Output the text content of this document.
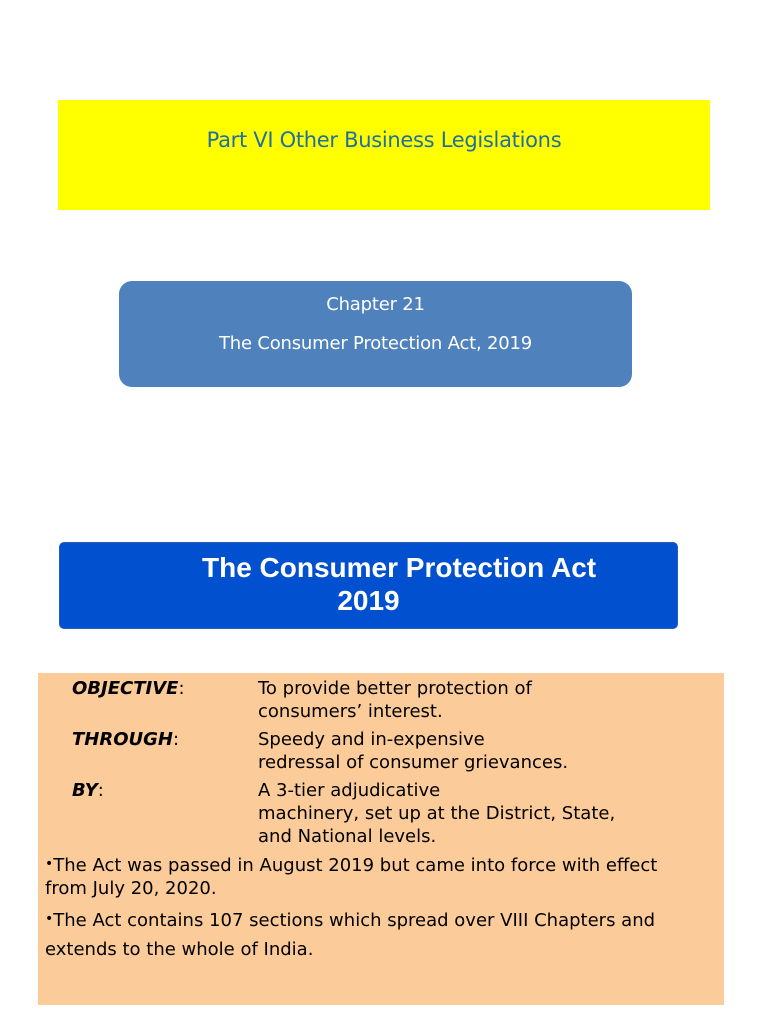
Part VI Other Business Legislations
Chapter 21
The Consumer Protection Act, 2019
The Consumer Protection Act
2019
OBJECTIVE:	To provide better protection of
consumers’ interest.
THROUGH:	Speedy and in-expensive
redressal of consumer grievances.
BY:	A 3-tier adjudicative
machinery, set up at the District, State,
and National levels.
•The Act was passed in August 2019 but came into force with effect
from July 20, 2020.
•The Act contains 107 sections which spread over VIII Chapters and
extends to the whole of India.
